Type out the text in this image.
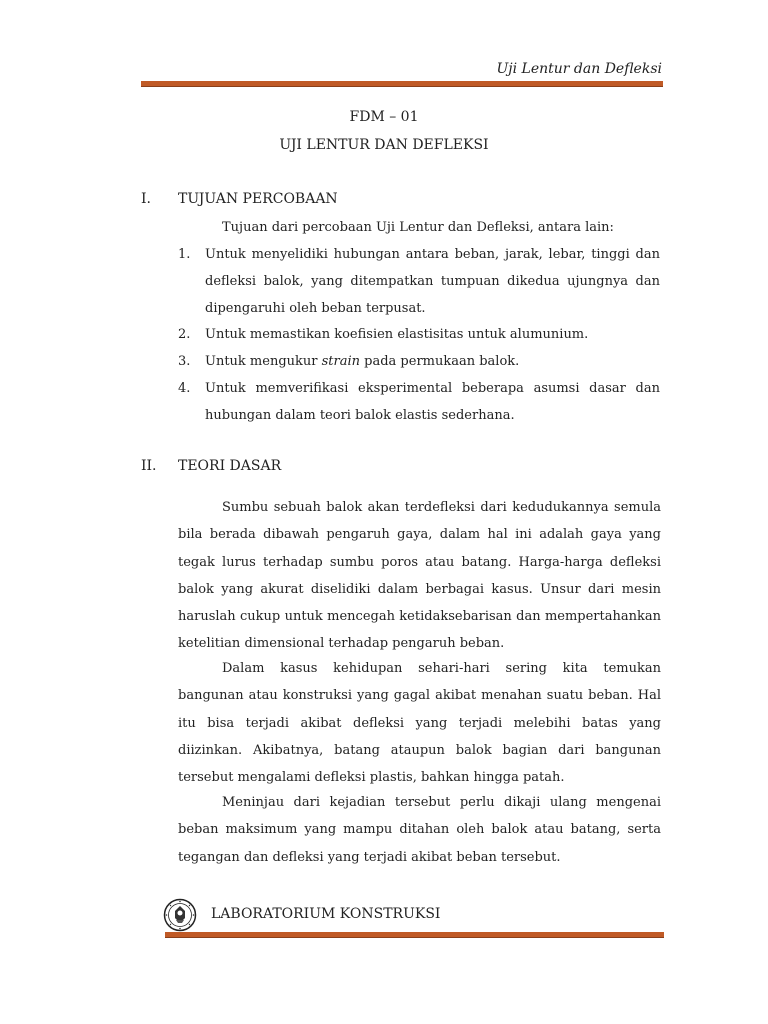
Uji Lentur dan Defleksi
FDM – 01
UJI LENTUR DAN DEFLEKSI
I. TUJUAN PERCOBAAN
Tujuan dari percobaan Uji Lentur dan Defleksi, antara lain:
1. Untuk menyelidiki hubungan antara beban, jarak, lebar, tinggi dan defleksi balok, yang ditempatkan tumpuan dikedua ujungnya dan dipengaruhi oleh beban terpusat.
2. Untuk memastikan koefisien elastisitas untuk alumunium.
3. Untuk mengukur strain pada permukaan balok.
4. Untuk memverifikasi eksperimental beberapa asumsi dasar dan hubungan dalam teori balok elastis sederhana.
II. TEORI DASAR
Sumbu sebuah balok akan terdefleksi dari kedudukannya semula bila berada dibawah pengaruh gaya, dalam hal ini adalah gaya yang tegak lurus terhadap sumbu poros atau batang. Harga-harga defleksi balok yang akurat diselidiki dalam berbagai kasus. Unsur dari mesin haruslah cukup untuk mencegah ketidaksebarisan dan mempertahankan ketelitian dimensional terhadap pengaruh beban.
Dalam kasus kehidupan sehari-hari sering kita temukan bangunan atau konstruksi yang gagal akibat menahan suatu beban. Hal itu bisa terjadi akibat defleksi yang terjadi melebihi batas yang diizinkan. Akibatnya, batang ataupun balok bagian dari bangunan tersebut mengalami defleksi plastis, bahkan hingga patah.
Meninjau dari kejadian tersebut perlu dikaji ulang mengenai beban maksimum yang mampu ditahan oleh balok atau batang, serta tegangan dan defleksi yang terjadi akibat beban tersebut.
LABORATORIUM KONSTRUKSI
